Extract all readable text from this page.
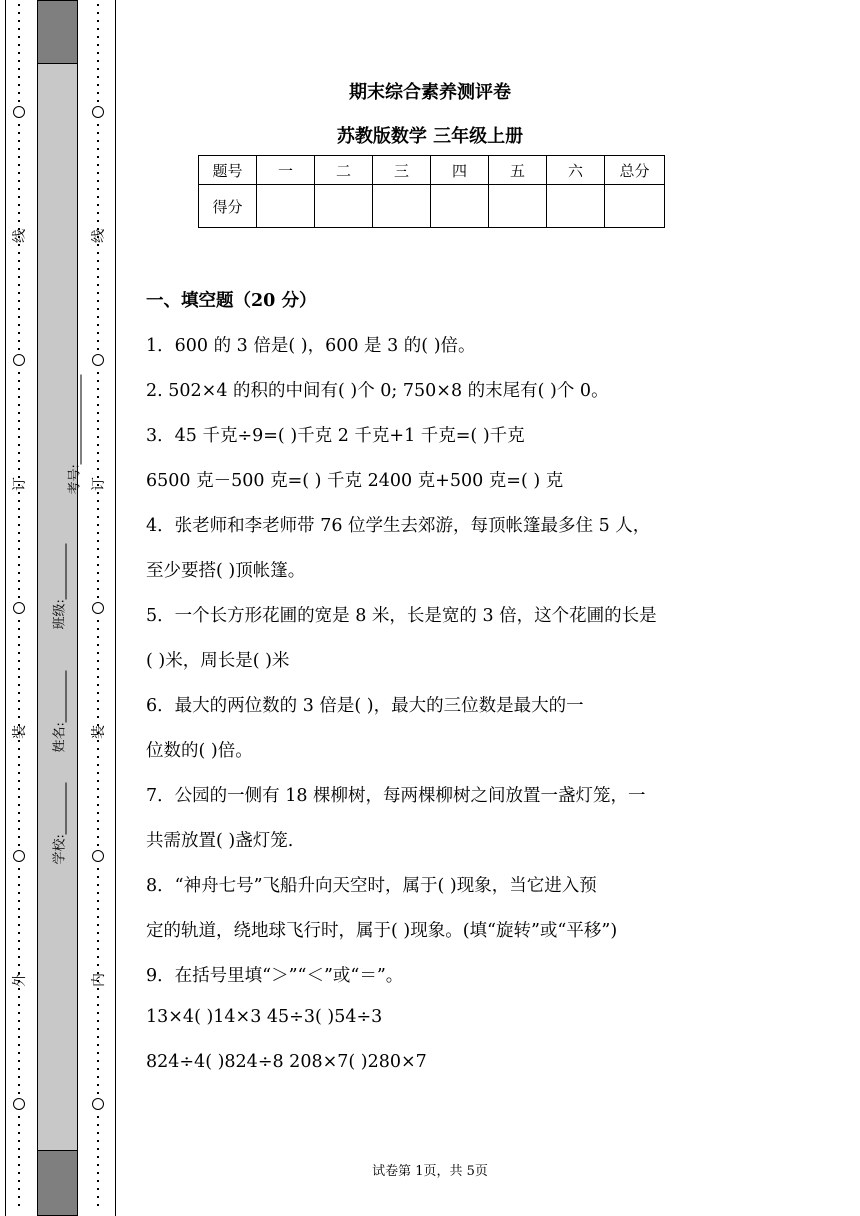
线
订
装
外
线
订
装
内
学校:
姓名:
班级:
考号:
期末综合素养测评卷
苏教版数学 三年级上册
题号	一	二	三	四	五	六	总分
得分							
一、填空题（20 分）
1．600 的 3 倍是( )，600 是 3 的( )倍。
2. 502×4 的积的中间有( )个 0; 750×8 的末尾有( )个 0。
3．45 千克÷9=( )千克 2 千克+1 千克=( )千克
6500 克－500 克=( ) 千克 2400 克+500 克=( ) 克
4．张老师和李老师带 76 位学生去郊游，每顶帐篷最多住 5 人，
至少要搭( )顶帐篷。
5．一个长方形花圃的宽是 8 米，长是宽的 3 倍，这个花圃的长是
( )米，周长是( )米
6．最大的两位数的 3 倍是( )，最大的三位数是最大的一
位数的( )倍。
7．公园的一侧有 18 棵柳树，每两棵柳树之间放置一盏灯笼，一
共需放置( )盏灯笼.
8．“神舟七号”飞船升向天空时，属于( )现象，当它进入预
定的轨道，绕地球飞行时，属于( )现象。(填“旋转”或“平移”)
9．在括号里填“＞”“＜”或“＝”。
13×4( )14×3 45÷3( )54÷3
824÷4( )824÷8 208×7( )280×7
试卷第 1页，共 5页
